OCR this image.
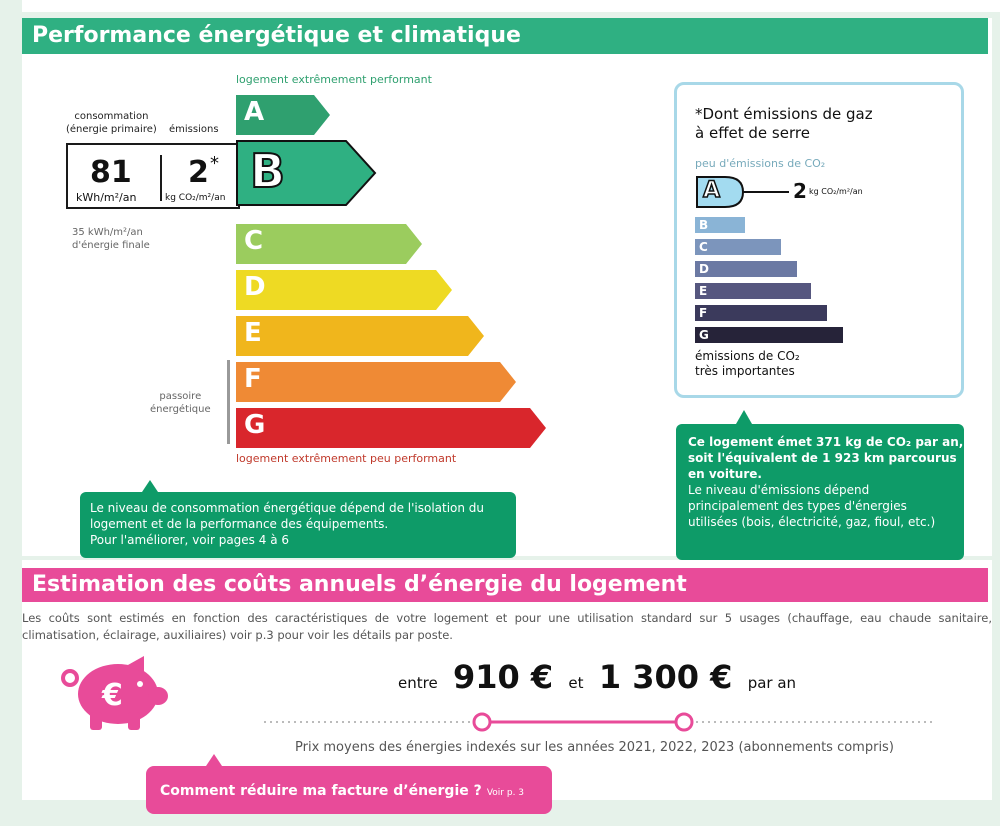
Performance énergétique et climatique
logement extrêmement performant
consommation
(énergie primaire) émissions
81
kWh/m²/an
2 *
kg CO₂/m²/an
35 kWh/m²/an
d'énergie finale
passoire
énergétique
A
B
C
D
E
F
G
logement extrêmement peu performant

Le niveau de consommation énergétique dépend de l'isolation du
logement et de la performance des équipements.
Pour l'améliorer, voir pages 4 à 6

*Dont émissions de gaz
à effet de serre
peu d'émissions de CO₂
A	2 kg CO₂/m²/an
B
C
D
E
F
G
émissions de CO₂
très importantes

Ce logement émet 371 kg de CO₂ par an,
soit l'équivalent de 1 923 km parcourus
en voiture.

Le niveau d'émissions dépend
principalement des types d'énergies
utilisées (bois, électricité, gaz, fioul, etc.)

Estimation des coûts annuels d’énergie du logement
Les coûts sont estimés en fonction des caractéristiques de votre logement et pour une utilisation standard sur 5 usages (chauffage, eau chaude sanitaire, climatisation, éclairage, auxiliaires) voir p.3 pour voir les détails par poste.
€	entre 910 € et 1 300 € par an
Prix moyens des énergies indexés sur les années 2021, 2022, 2023 (abonnements compris)
Comment réduire ma facture d’énergie ? Voir p. 3
